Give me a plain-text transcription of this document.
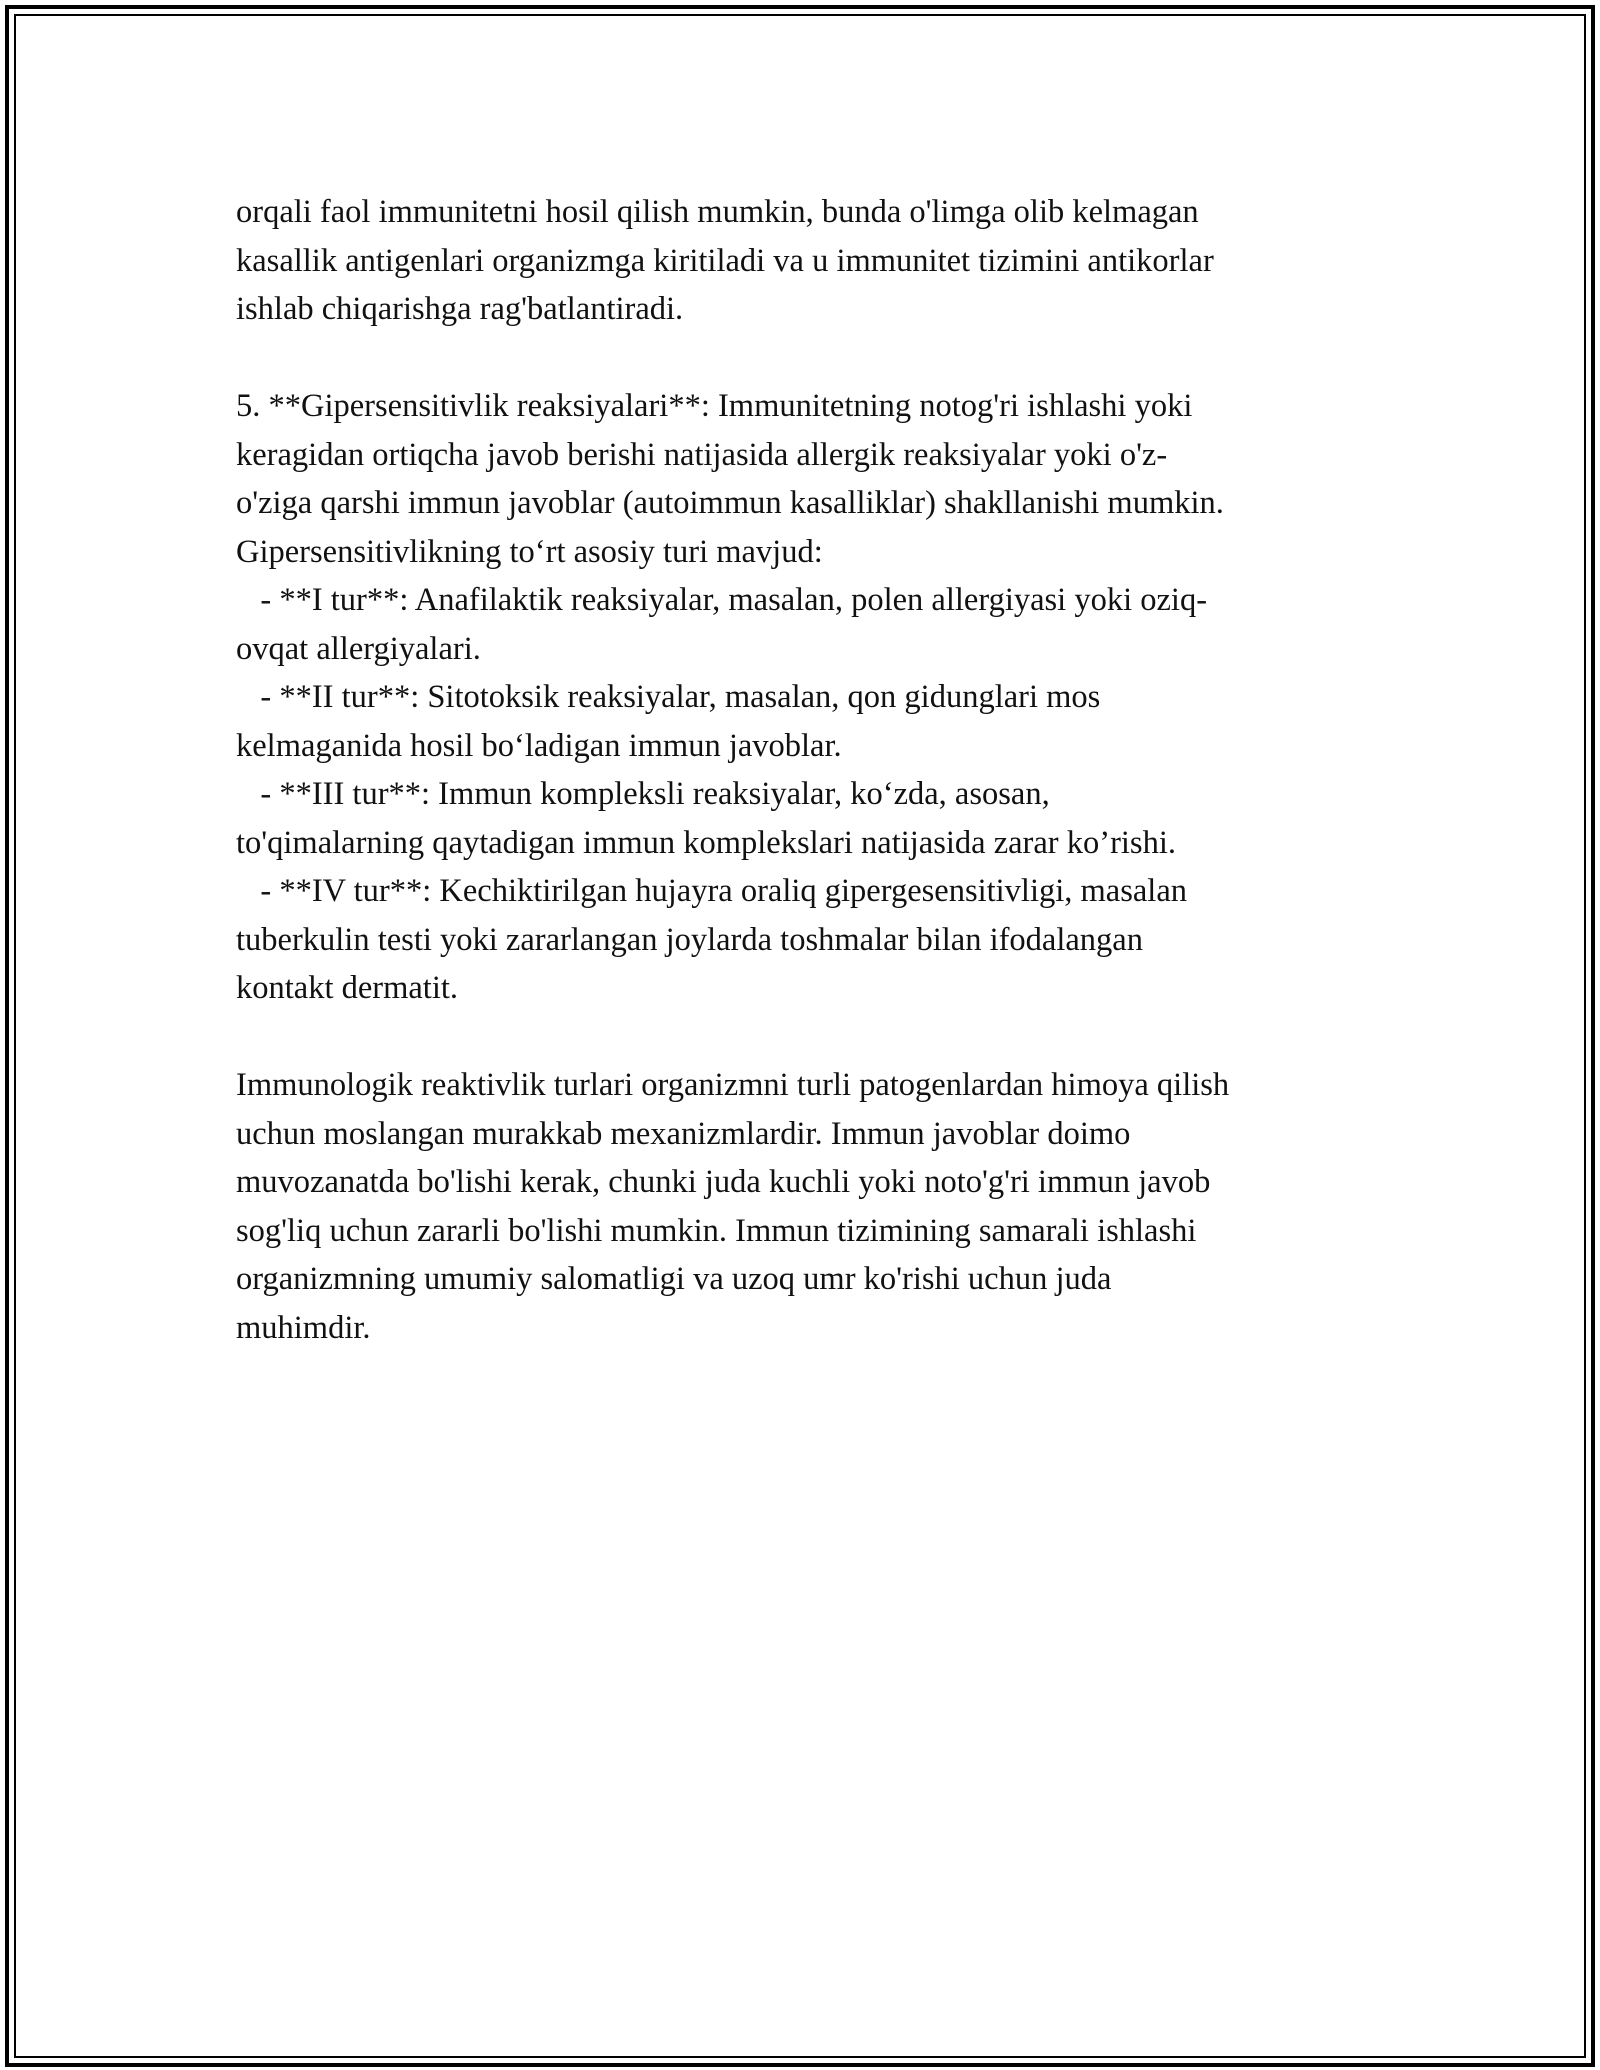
orqali faol immunitetni hosil qilish mumkin, bunda o'limga olib kelmagan
kasallik antigenlari organizmga kiritiladi va u immunitet tizimini antikorlar
ishlab chiqarishga rag'batlantiradi.
5. **Gipersensitivlik reaksiyalari**: Immunitetning notog'ri ishlashi yoki
keragidan ortiqcha javob berishi natijasida allergik reaksiyalar yoki o'z-
o'ziga qarshi immun javoblar (autoimmun kasalliklar) shakllanishi mumkin.
Gipersensitivlikning to‘rt asosiy turi mavjud:
- **I tur**: Anafilaktik reaksiyalar, masalan, polen allergiyasi yoki oziq-
ovqat allergiyalari.
- **II tur**: Sitotoksik reaksiyalar, masalan, qon gidunglari mos
kelmaganida hosil bo‘ladigan immun javoblar.
- **III tur**: Immun kompleksli reaksiyalar, ko‘zda, asosan,
to'qimalarning qaytadigan immun komplekslari natijasida zarar ko’rishi.
- **IV tur**: Kechiktirilgan hujayra oraliq gipergesensitivligi, masalan
tuberkulin testi yoki zararlangan joylarda toshmalar bilan ifodalangan
kontakt dermatit.
Immunologik reaktivlik turlari organizmni turli patogenlardan himoya qilish
uchun moslangan murakkab mexanizmlardir. Immun javoblar doimo
muvozanatda bo'lishi kerak, chunki juda kuchli yoki noto'g'ri immun javob
sog'liq uchun zararli bo'lishi mumkin. Immun tizimining samarali ishlashi
organizmning umumiy salomatligi va uzoq umr ko'rishi uchun juda
muhimdir.
